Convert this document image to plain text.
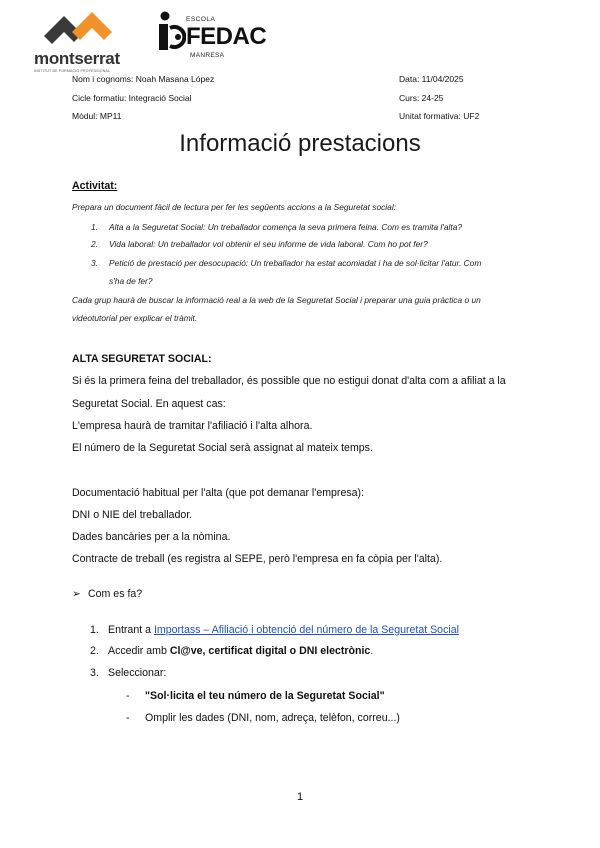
montserrat
INSTITUT DE FORMACIÓ PROFESSIONAL
ESCOLA
FEDAC
MANRESA
Nom i cognoms: Noah Masana López	Data: 11/04/2025
Cicle formatiu: Integració Social	Curs: 24-25
Mòdul: MP11	Unitat formativa: UF2
Informació prestacions
Activitat:
Prepara un document fàcil de lectura per fer les següents accions a la Seguretat social:
1. Alta a la Seguretat Social: Un treballador comença la seva primera feina. Com es tramita l'alta?
2. Vida laboral: Un treballador vol obtenir el seu informe de vida laboral. Com ho pot fer?
3. Petició de prestació per desocupació: Un treballador ha estat acomiadat i ha de sol·licitar l'atur. Com
s'ha de fer?
Cada grup haurà de buscar la informació real a la web de la Seguretat Social i preparar una guia pràctica o un
videotutorial per explicar el tràmit.
ALTA SEGURETAT SOCIAL:
Si és la primera feina del treballador, és possible que no estigui donat d'alta com a afiliat a la
Seguretat Social. En aquest cas:
L'empresa haurà de tramitar l'afiliació i l'alta alhora.
El número de la Seguretat Social serà assignat al mateix temps.
Documentació habitual per l'alta (que pot demanar l'empresa):
DNI o NIE del treballador.
Dades bancàries per a la nòmina.
Contracte de treball (es registra al SEPE, però l'empresa en fa còpia per l'alta).
➢ Com es fa?
1. Entrant a Importass – Afiliació i obtenció del número de la Seguretat Social
2. Accedir amb Cl@ve, certificat digital o DNI electrònic.
3. Seleccionar:
- "Sol·licita el teu número de la Seguretat Social"
- Omplir les dades (DNI, nom, adreça, telèfon, correu...)
1
